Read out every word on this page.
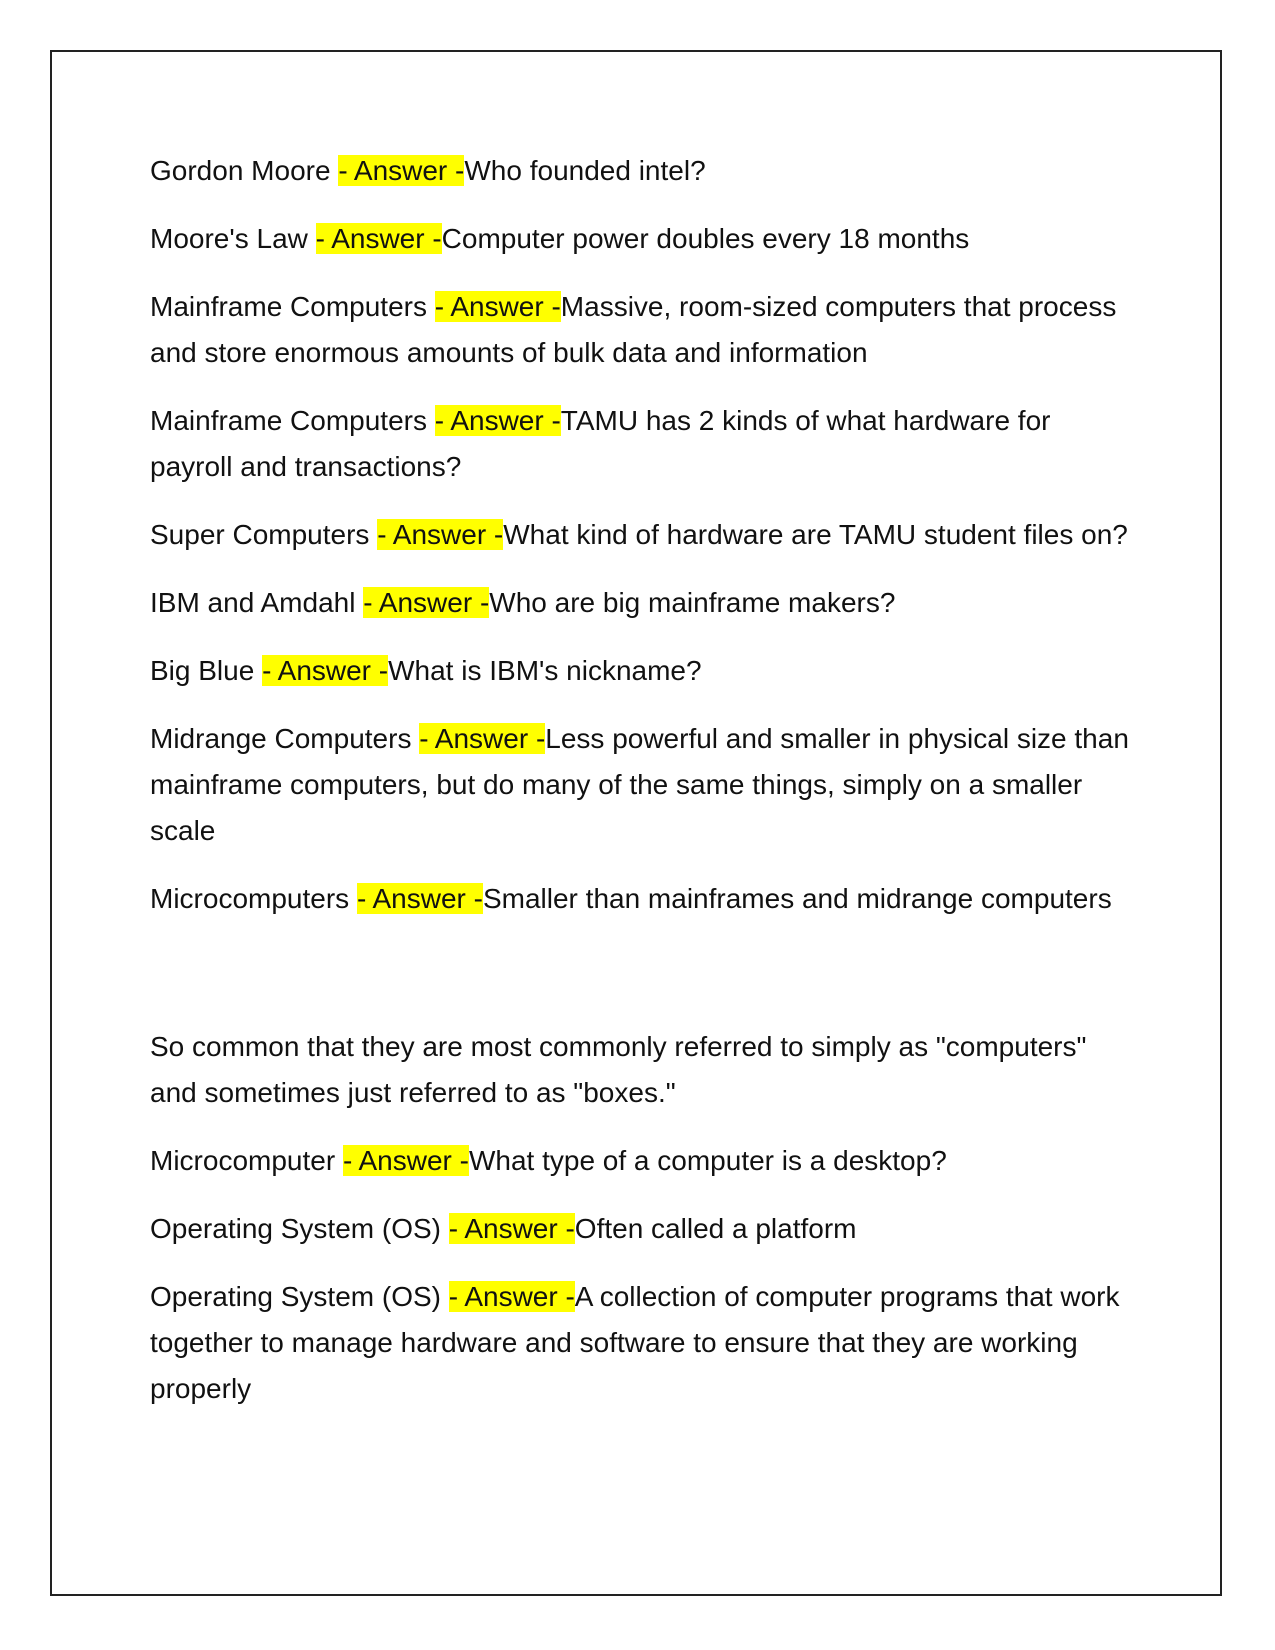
Gordon Moore - Answer -Who founded intel?

Moore's Law - Answer -Computer power doubles every 18 months

Mainframe Computers - Answer -Massive, room-sized computers that process and store enormous amounts of bulk data and information

Mainframe Computers - Answer -TAMU has 2 kinds of what hardware for payroll and transactions?

Super Computers - Answer -What kind of hardware are TAMU student files on?

IBM and Amdahl - Answer -Who are big mainframe makers?

Big Blue - Answer -What is IBM's nickname?

Midrange Computers - Answer -Less powerful and smaller in physical size than mainframe computers, but do many of the same things, simply on a smaller scale

Microcomputers - Answer -Smaller than mainframes and midrange computers

So common that they are most commonly referred to simply as "computers" and sometimes just referred to as "boxes."

Microcomputer - Answer -What type of a computer is a desktop?

Operating System (OS) - Answer -Often called a platform

Operating System (OS) - Answer -A collection of computer programs that work together to manage hardware and software to ensure that they are working properly
